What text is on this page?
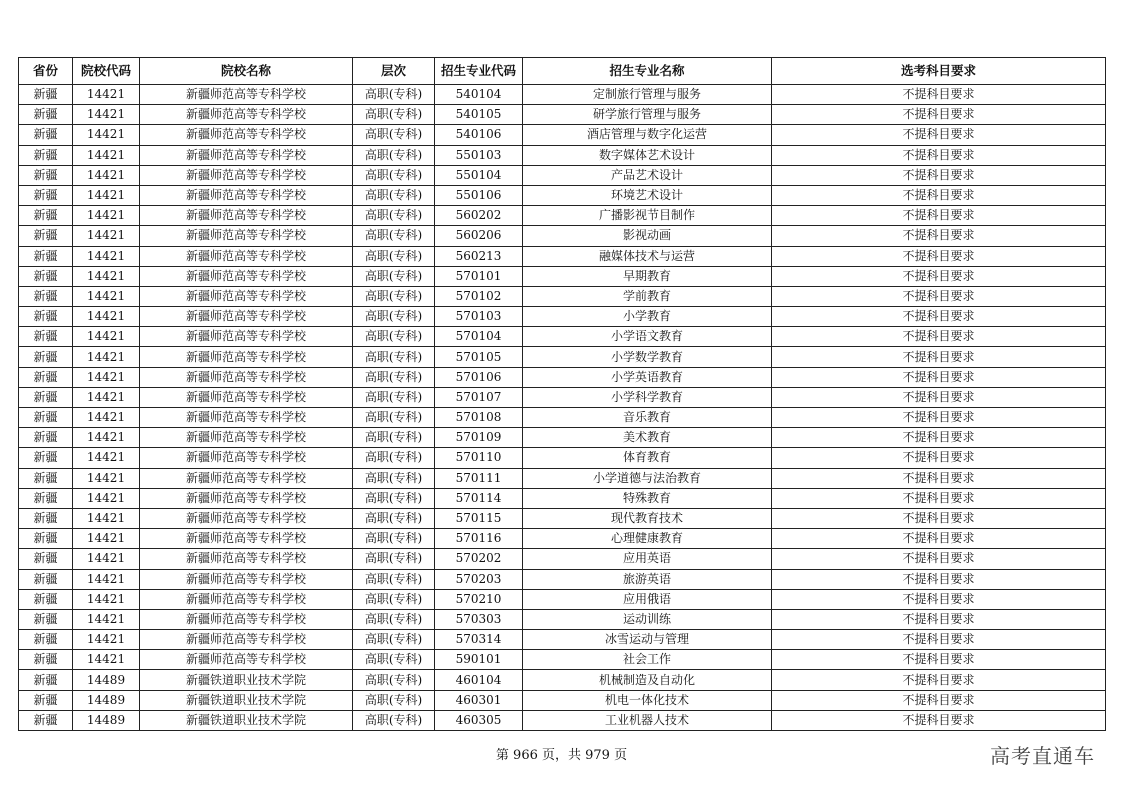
省份	院校代码	院校名称	层次	招生专业代码	招生专业名称	选考科目要求
新疆	14421	新疆师范高等专科学校	高职(专科)	540104	定制旅行管理与服务	不提科目要求
新疆	14421	新疆师范高等专科学校	高职(专科)	540105	研学旅行管理与服务	不提科目要求
新疆	14421	新疆师范高等专科学校	高职(专科)	540106	酒店管理与数字化运营	不提科目要求
新疆	14421	新疆师范高等专科学校	高职(专科)	550103	数字媒体艺术设计	不提科目要求
新疆	14421	新疆师范高等专科学校	高职(专科)	550104	产品艺术设计	不提科目要求
新疆	14421	新疆师范高等专科学校	高职(专科)	550106	环境艺术设计	不提科目要求
新疆	14421	新疆师范高等专科学校	高职(专科)	560202	广播影视节目制作	不提科目要求
新疆	14421	新疆师范高等专科学校	高职(专科)	560206	影视动画	不提科目要求
新疆	14421	新疆师范高等专科学校	高职(专科)	560213	融媒体技术与运营	不提科目要求
新疆	14421	新疆师范高等专科学校	高职(专科)	570101	早期教育	不提科目要求
新疆	14421	新疆师范高等专科学校	高职(专科)	570102	学前教育	不提科目要求
新疆	14421	新疆师范高等专科学校	高职(专科)	570103	小学教育	不提科目要求
新疆	14421	新疆师范高等专科学校	高职(专科)	570104	小学语文教育	不提科目要求
新疆	14421	新疆师范高等专科学校	高职(专科)	570105	小学数学教育	不提科目要求
新疆	14421	新疆师范高等专科学校	高职(专科)	570106	小学英语教育	不提科目要求
新疆	14421	新疆师范高等专科学校	高职(专科)	570107	小学科学教育	不提科目要求
新疆	14421	新疆师范高等专科学校	高职(专科)	570108	音乐教育	不提科目要求
新疆	14421	新疆师范高等专科学校	高职(专科)	570109	美术教育	不提科目要求
新疆	14421	新疆师范高等专科学校	高职(专科)	570110	体育教育	不提科目要求
新疆	14421	新疆师范高等专科学校	高职(专科)	570111	小学道德与法治教育	不提科目要求
新疆	14421	新疆师范高等专科学校	高职(专科)	570114	特殊教育	不提科目要求
新疆	14421	新疆师范高等专科学校	高职(专科)	570115	现代教育技术	不提科目要求
新疆	14421	新疆师范高等专科学校	高职(专科)	570116	心理健康教育	不提科目要求
新疆	14421	新疆师范高等专科学校	高职(专科)	570202	应用英语	不提科目要求
新疆	14421	新疆师范高等专科学校	高职(专科)	570203	旅游英语	不提科目要求
新疆	14421	新疆师范高等专科学校	高职(专科)	570210	应用俄语	不提科目要求
新疆	14421	新疆师范高等专科学校	高职(专科)	570303	运动训练	不提科目要求
新疆	14421	新疆师范高等专科学校	高职(专科)	570314	冰雪运动与管理	不提科目要求
新疆	14421	新疆师范高等专科学校	高职(专科)	590101	社会工作	不提科目要求
新疆	14489	新疆铁道职业技术学院	高职(专科)	460104	机械制造及自动化	不提科目要求
新疆	14489	新疆铁道职业技术学院	高职(专科)	460301	机电一体化技术	不提科目要求
新疆	14489	新疆铁道职业技术学院	高职(专科)	460305	工业机器人技术	不提科目要求
第 966 页，共 979 页	高考直通车
